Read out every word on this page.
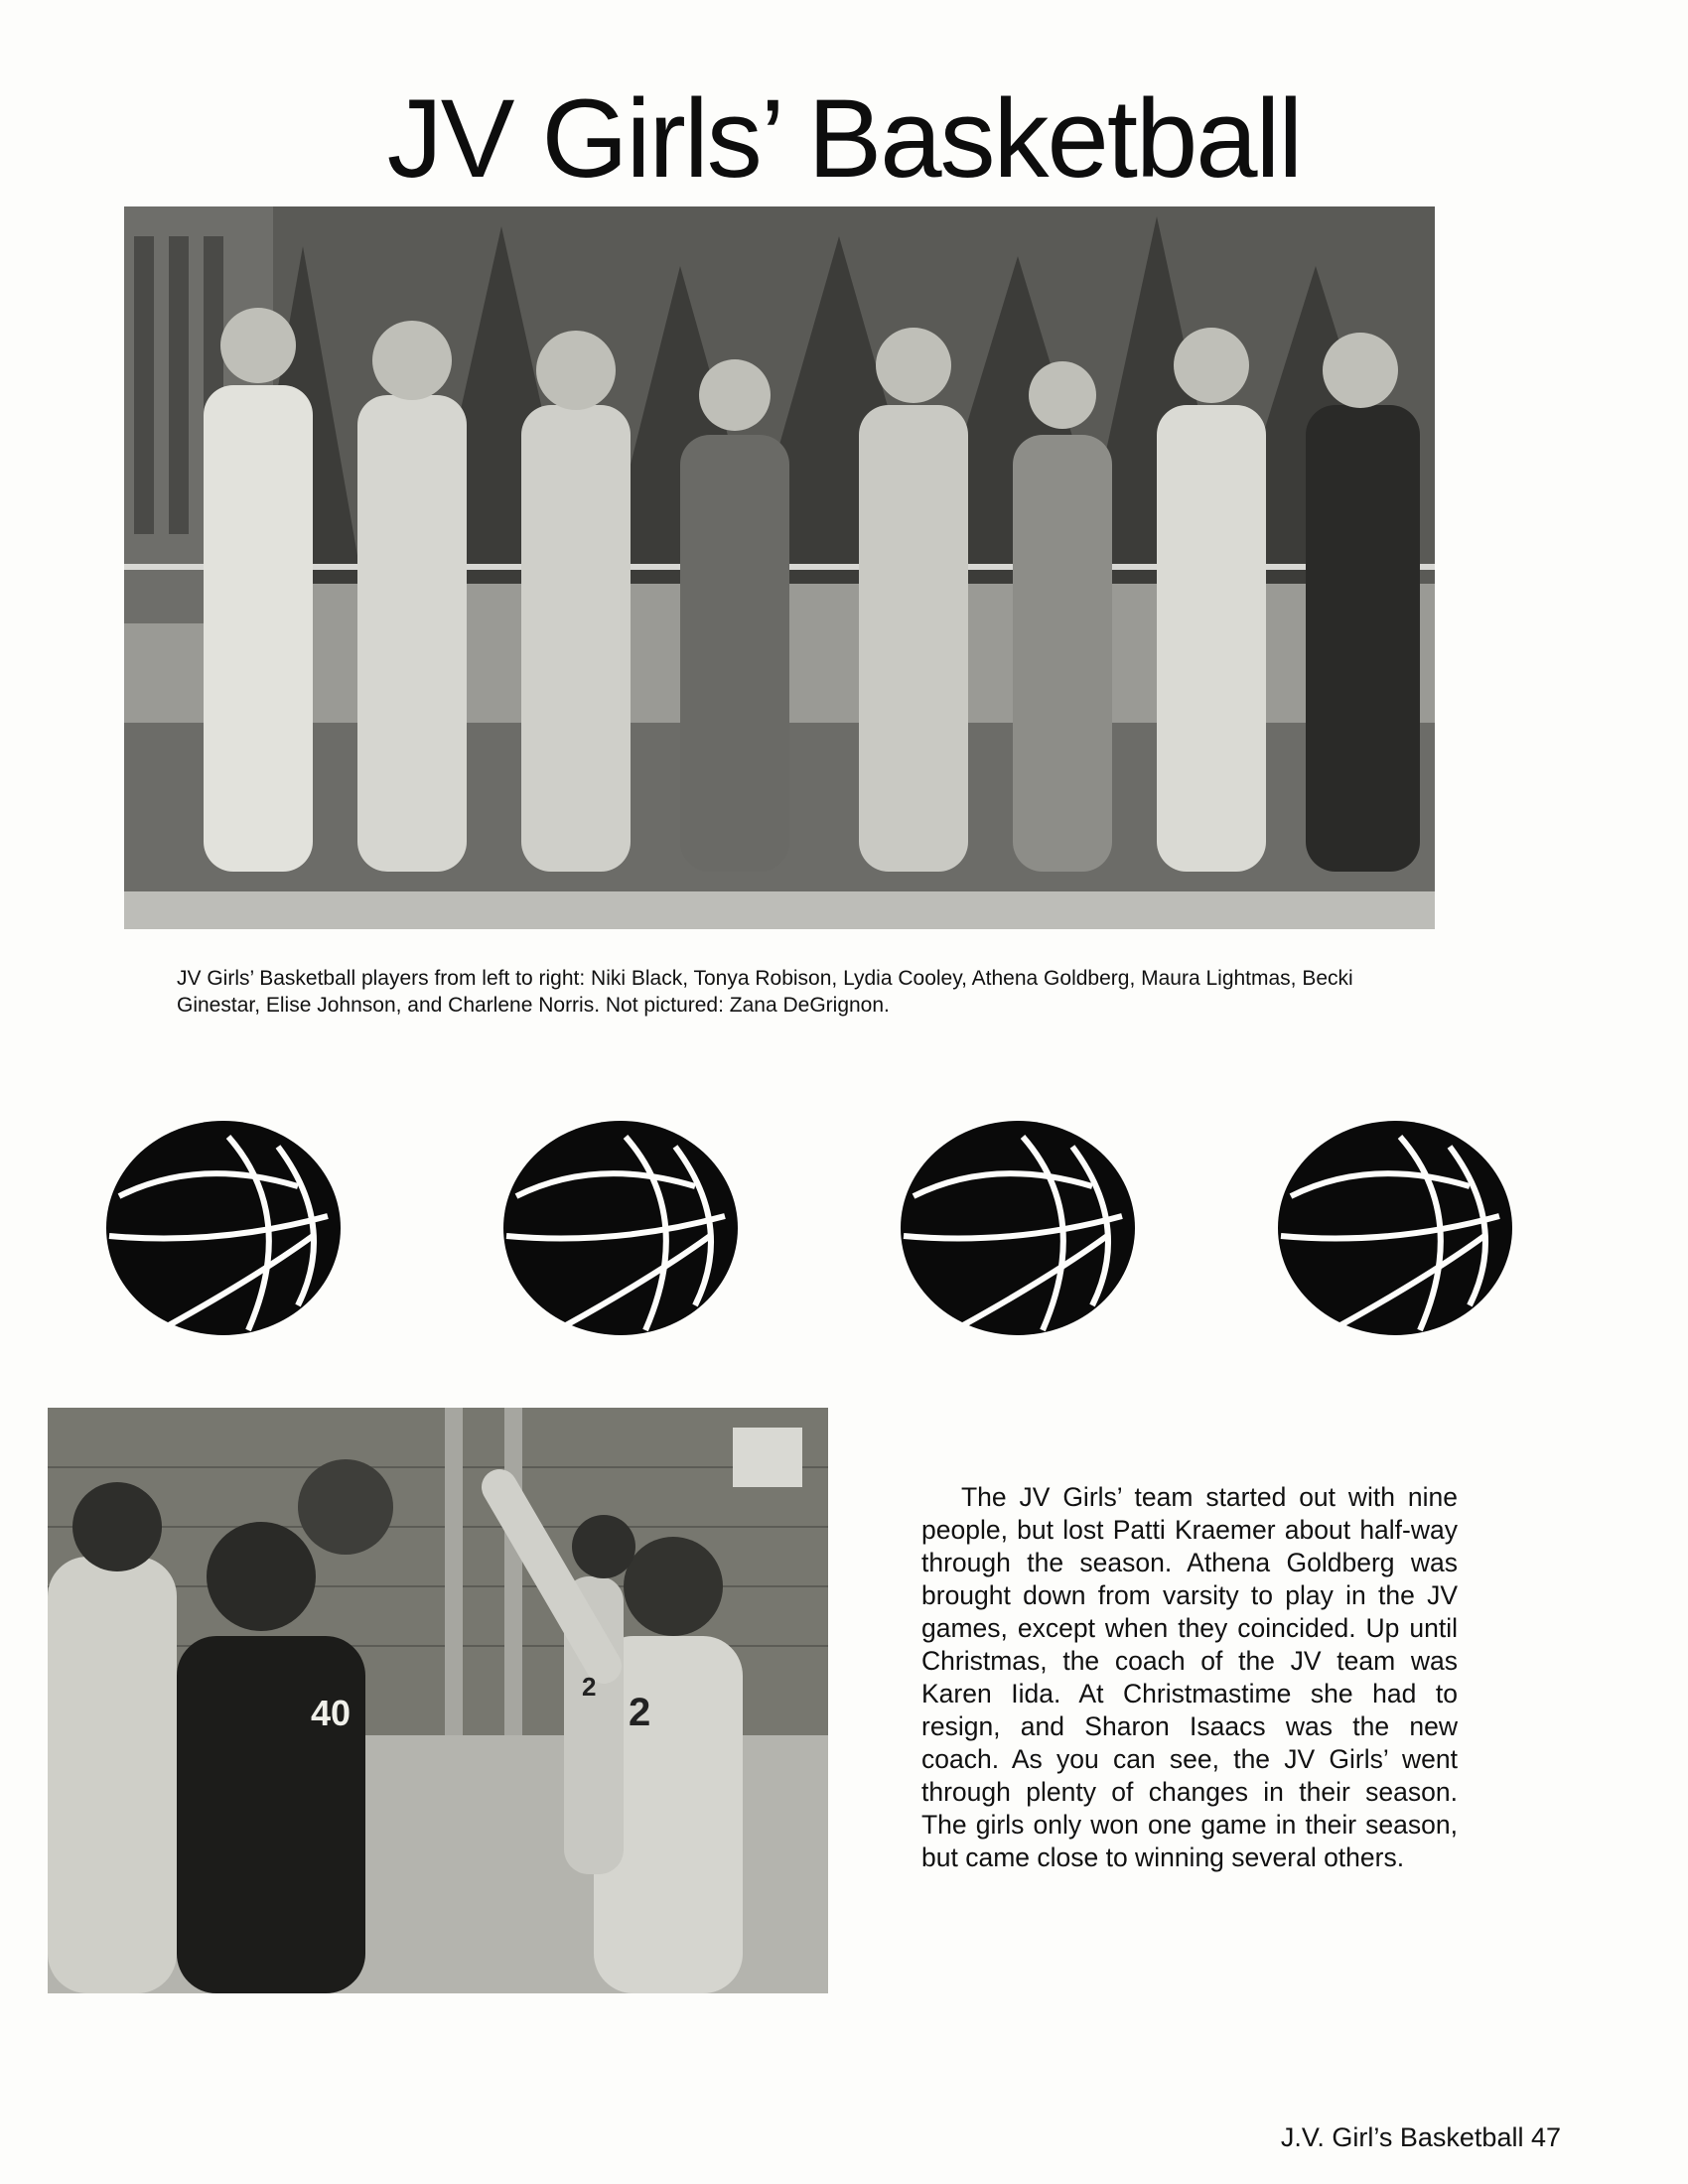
JV Girls’ Basketball

JV Girls’ Basketball players from left to right: Niki Black, Tonya Robison, Lydia Cooley, Athena Goldberg, Maura Lightmas, Becki Ginestar, Elise Johnson, and Charlene Norris. Not pictured: Zana DeGrignon.

40	2
2

The JV Girls’ team started out with nine people, but lost Patti Kraemer about half-way through the season. Athena Goldberg was brought down from varsity to play in the JV games, except when they coincided. Up until Christmas, the coach of the JV team was Karen Iida. At Christmastime she had to resign, and Sharon Isaacs was the new coach. As you can see, the JV Girls’ went through plenty of changes in their season. The girls only won one game in their season, but came close to winning several others.

J.V. Girl’s Basketball 47
